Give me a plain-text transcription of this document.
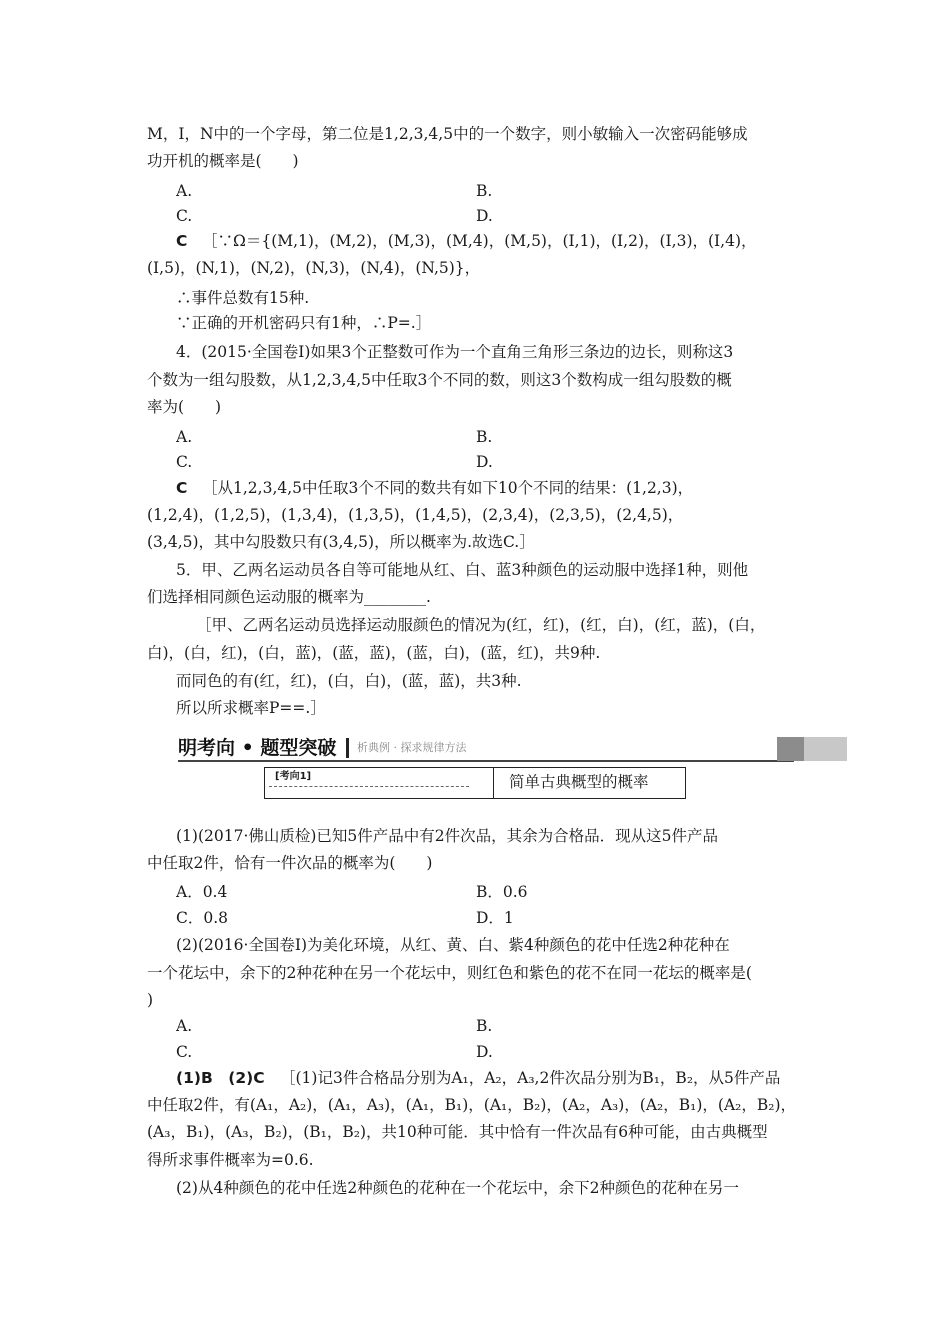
M，I，N中的一个字母，第二位是1,2,3,4,5中的一个数字，则小敏输入一次密码能够成
功开机的概率是(　　)
A.	B.
C.	D.
C ［∵Ω＝{(M,1)，(M,2)，(M,3)，(M,4)，(M,5)，(I,1)，(I,2)，(I,3)，(I,4)，
(I,5)，(N,1)，(N,2)，(N,3)，(N,4)，(N,5)}，
∴事件总数有15种.
∵正确的开机密码只有1种，∴P=.］
4．(2015·全国卷Ⅰ)如果3个正整数可作为一个直角三角形三条边的边长，则称这3
个数为一组勾股数，从1,2,3,4,5中任取3个不同的数，则这3个数构成一组勾股数的概
率为(　　)
A.	B.
C.	D.
C ［从1,2,3,4,5中任取3个不同的数共有如下10个不同的结果：(1,2,3)，
(1,2,4)，(1,2,5)，(1,3,4)，(1,3,5)，(1,4,5)，(2,3,4)，(2,3,5)，(2,4,5)，
(3,4,5)，其中勾股数只有(3,4,5)，所以概率为.故选C.］
5．甲、乙两名运动员各自等可能地从红、白、蓝3种颜色的运动服中选择1种，则他
们选择相同颜色运动服的概率为________.
［甲、乙两名运动员选择运动服颜色的情况为(红，红)，(红，白)，(红，蓝)，(白，
白)，(白，红)，(白，蓝)，(蓝，蓝)，(蓝，白)，(蓝，红)，共9种.
而同色的有(红，红)，(白，白)，(蓝，蓝)，共3种.
所以所求概率P==.］
明考向 • 题型突破 析典例 · 探求规律方法
[考向1]	简单古典概型的概率
(1)(2017·佛山质检)已知5件产品中有2件次品，其余为合格品．现从这5件产品
中任取2件，恰有一件次品的概率为(　　)
A．0.4	B．0.6
C．0.8	D．1
(2)(2016·全国卷Ⅰ)为美化环境，从红、黄、白、紫4种颜色的花中任选2种花种在
一个花坛中，余下的2种花种在另一个花坛中，则红色和紫色的花不在同一花坛的概率是(
)
A.	B.
C.	D.
(1)B　(2)C ［(1)记3件合格品分别为A₁，A₂，A₃,2件次品分别为B₁，B₂，从5件产品
中任取2件，有(A₁，A₂)，(A₁，A₃)，(A₁，B₁)，(A₁，B₂)，(A₂，A₃)，(A₂，B₁)，(A₂，B₂)，
(A₃，B₁)，(A₃，B₂)，(B₁，B₂)，共10种可能．其中恰有一件次品有6种可能，由古典概型
得所求事件概率为=0.6.
(2)从4种颜色的花中任选2种颜色的花种在一个花坛中，余下2种颜色的花种在另一
